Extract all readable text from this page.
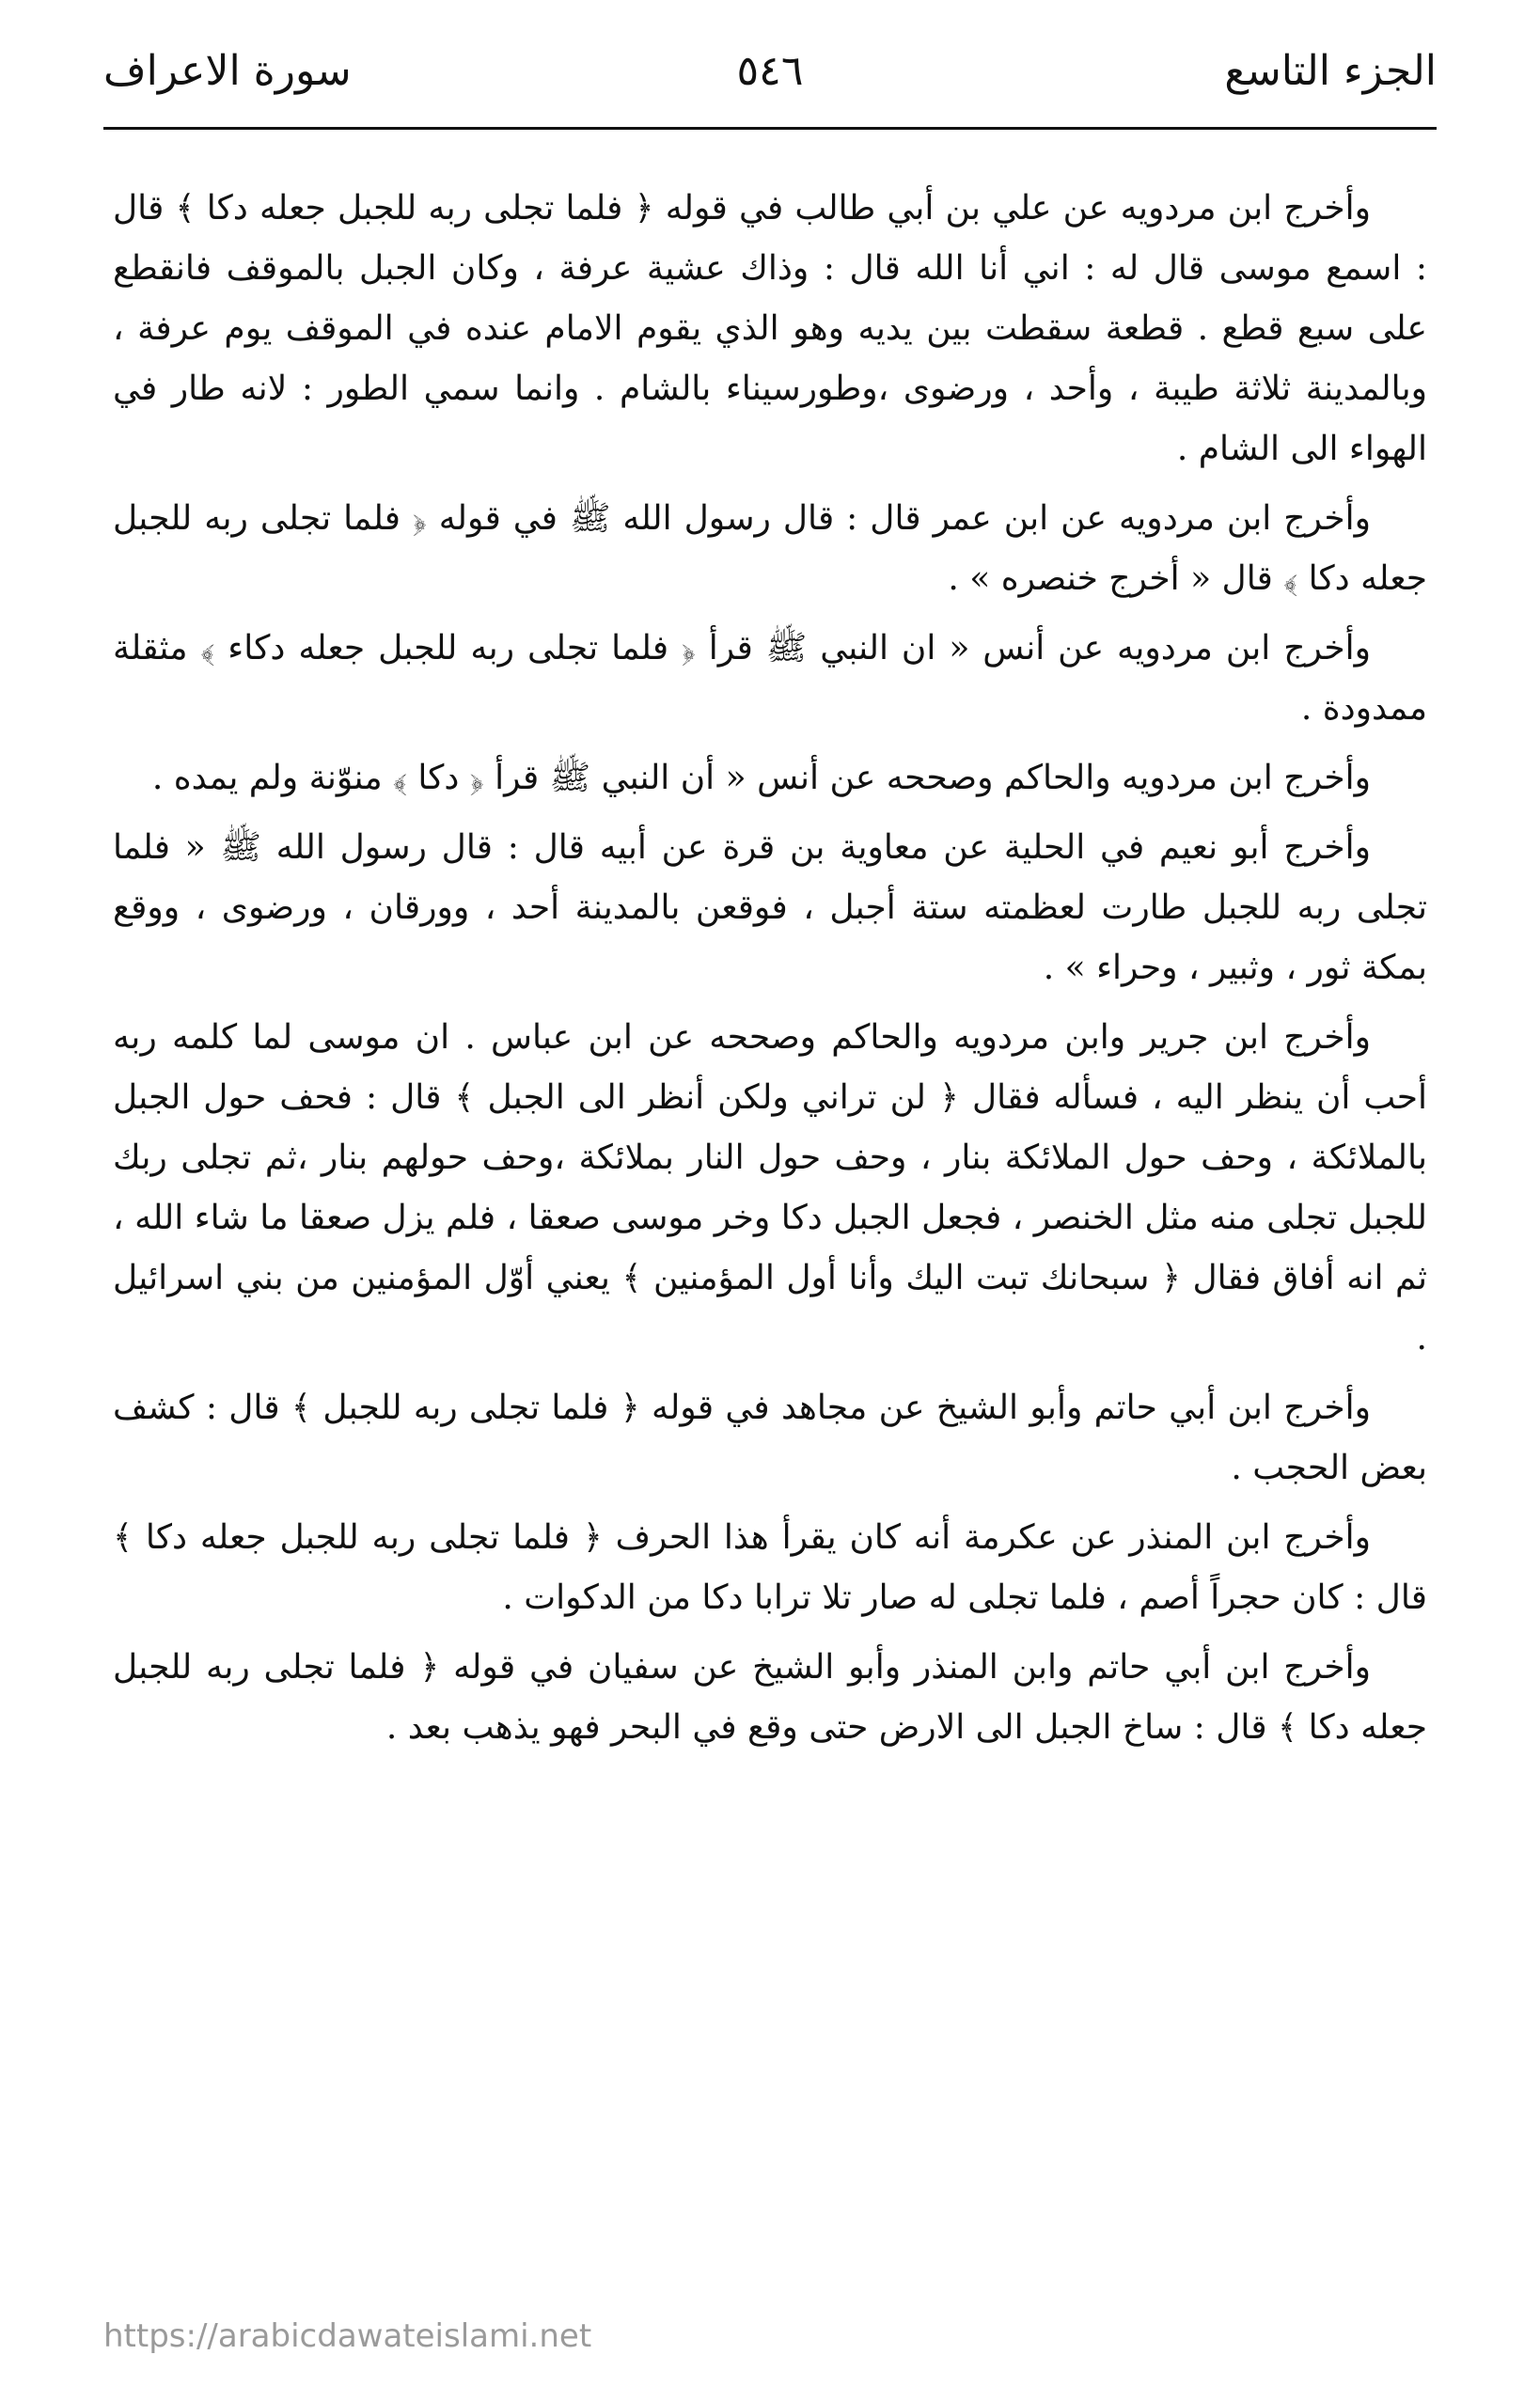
الجزء التاسع
٥٤٦
سورة الاعراف

وأخرج ابن مردويه عن علي بن أبي طالب في قوله ﴿ فلما تجلى ربه للجبل جعله دكا ﴾ قال : اسمع موسى قال له : اني أنا الله قال : وذاك عشية عرفة ، وكان الجبل بالموقف فانقطع على سبع قطع . قطعة سقطت بين يديه وهو الذي يقوم الامام عنده في الموقف يوم عرفة ، وبالمدينة ثلاثة طيبة ، وأحد ، ورضوى ،وطورسيناء بالشام . وانما سمي الطور : لانه طار في الهواء الى الشام .

وأخرج ابن مردويه عن ابن عمر قال : قال رسول الله ﷺ في قوله ﴿ فلما تجلى ربه للجبل جعله دكا ﴾ قال « أخرج خنصره » .

وأخرج ابن مردويه عن أنس « ان النبي ﷺ قرأ ﴿ فلما تجلى ربه للجبل جعله دكاء ﴾ مثقلة ممدودة .

وأخرج ابن مردويه والحاكم وصححه عن أنس « أن النبي ﷺ قرأ ﴿ دكا ﴾ منوّنة ولم يمده .

وأخرج أبو نعيم في الحلية عن معاوية بن قرة عن أبيه قال : قال رسول الله ﷺ « فلما تجلى ربه للجبل طارت لعظمته ستة أجبل ، فوقعن بالمدينة أحد ، وورقان ، ورضوى ، ووقع بمكة ثور ، وثبير ، وحراء » .

وأخرج ابن جرير وابن مردويه والحاكم وصححه عن ابن عباس . ان موسى لما كلمه ربه أحب أن ينظر اليه ، فسأله فقال ﴿ لن تراني ولكن أنظر الى الجبل ﴾ قال : فحف حول الجبل بالملائكة ، وحف حول الملائكة بنار ، وحف حول النار بملائكة ،وحف حولهم بنار ،ثم تجلى ربك للجبل تجلى منه مثل الخنصر ، فجعل الجبل دكا وخر موسى صعقا ، فلم يزل صعقا ما شاء الله ، ثم انه أفاق فقال ﴿ سبحانك تبت اليك وأنا أول المؤمنين ﴾ يعني أوّل المؤمنين من بني اسرائيل .

وأخرج ابن أبي حاتم وأبو الشيخ عن مجاهد في قوله ﴿ فلما تجلى ربه للجبل ﴾ قال : كشف بعض الحجب .

وأخرج ابن المنذر عن عكرمة أنه كان يقرأ هذا الحرف ﴿ فلما تجلى ربه للجبل جعله دكا ﴾ قال : كان حجراً أصم ، فلما تجلى له صار تلا ترابا دكا من الدكوات .

وأخرج ابن أبي حاتم وابن المنذر وأبو الشيخ عن سفيان في قوله ﴿ فلما تجلى ربه للجبل جعله دكا ﴾ قال : ساخ الجبل الى الارض حتى وقع في البحر فهو يذهب بعد .

https://arabicdawateislami.net
